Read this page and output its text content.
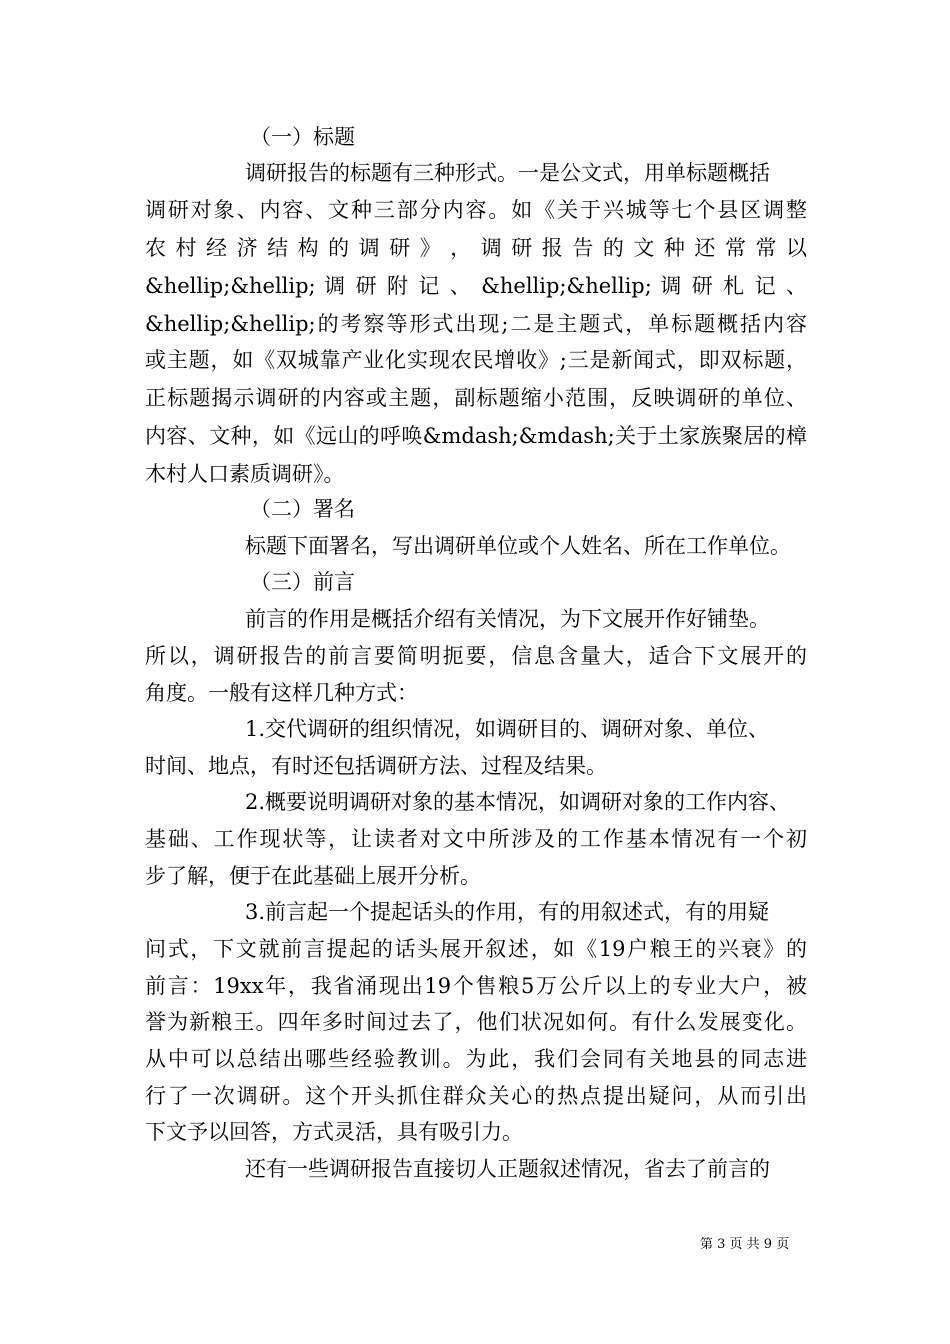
（一）标题
调研报告的标题有三种形式。一是公文式，用单标题概括
调研对象、内容、文种三部分内容。如《关于兴城等七个县区调整
农 村 经 济 结 构 的 调 研 》 ， 调 研 报 告 的 文 种 还 常 常 以
&hellip;&hellip; 调 研 附 记 、 &hellip;&hellip; 调 研 札 记 、
&hellip;&hellip;的考察等形式出现;二是主题式，单标题概括内容
或主题，如《双城靠产业化实现农民增收》;三是新闻式，即双标题，
正标题揭示调研的内容或主题，副标题缩小范围，反映调研的单位、
内容、文种，如《远山的呼唤&mdash;&mdash;关于土家族聚居的樟
木村人口素质调研》。
（二）署名
标题下面署名，写出调研单位或个人姓名、所在工作单位。
（三）前言
前言的作用是概括介绍有关情况，为下文展开作好铺垫。
所以，调研报告的前言要简明扼要，信息含量大，适合下文展开的
角度。一般有这样几种方式：
1.交代调研的组织情况，如调研目的、调研对象、单位、
时间、地点，有时还包括调研方法、过程及结果。
2.概要说明调研对象的基本情况，如调研对象的工作内容、
基础、工作现状等，让读者对文中所涉及的工作基本情况有一个初
步了解，便于在此基础上展开分析。
3.前言起一个提起话头的作用，有的用叙述式，有的用疑
问式，下文就前言提起的话头展开叙述，如《19户粮王的兴衰》的
前言：19xx年，我省涌现出19个售粮5万公斤以上的专业大户，被
誉为新粮王。四年多时间过去了，他们状况如何。有什么发展变化。
从中可以总结出哪些经验教训。为此，我们会同有关地县的同志进
行了一次调研。这个开头抓住群众关心的热点提出疑问，从而引出
下文予以回答，方式灵活，具有吸引力。
还有一些调研报告直接切人正题叙述情况，省去了前言的
第 3 页 共 9 页
